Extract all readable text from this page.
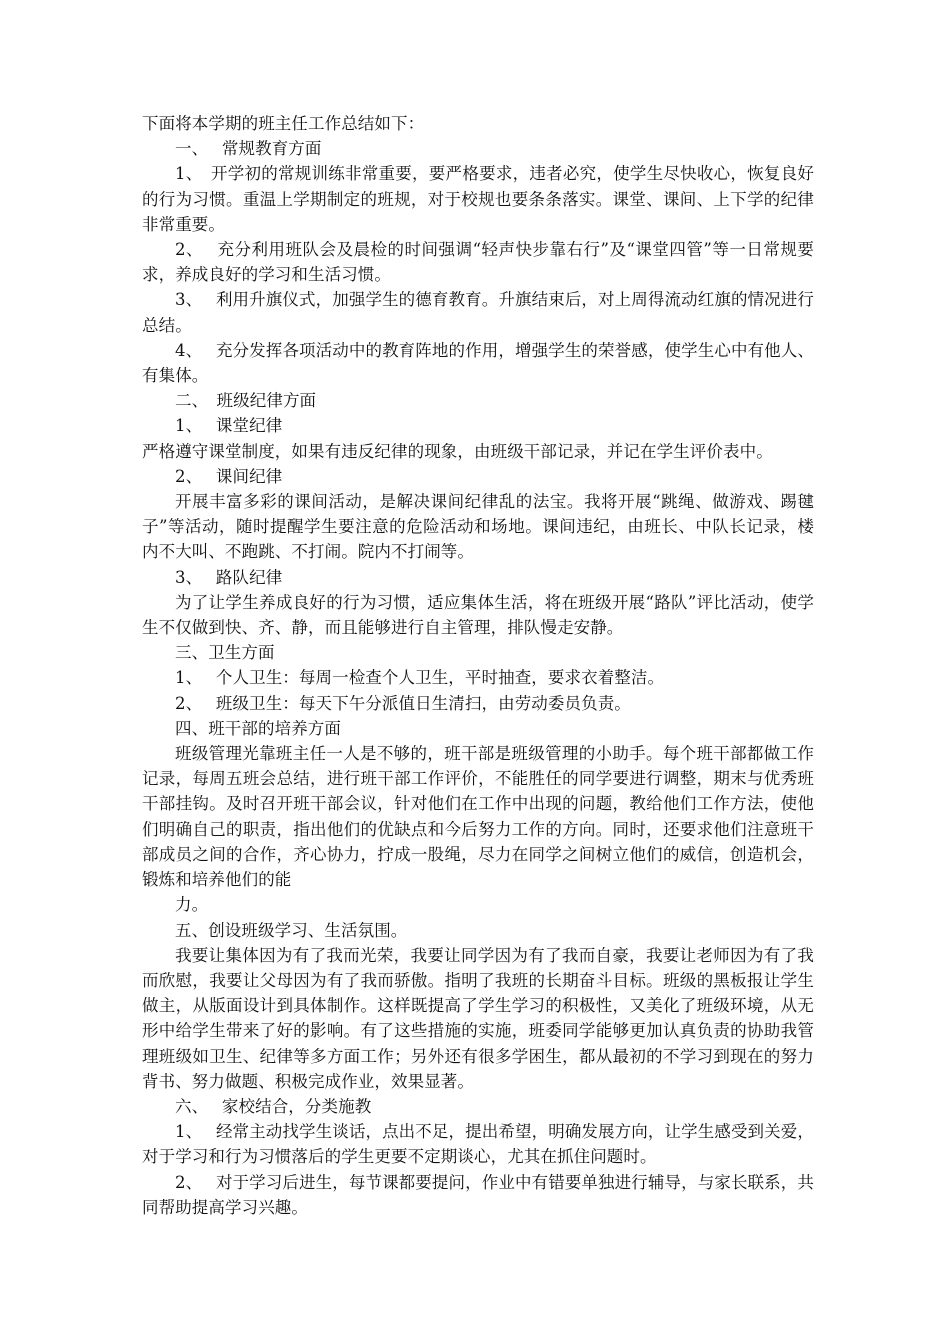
下面将本学期的班主任工作总结如下：

一、　 常规教育方面

1、　开学初的常规训练非常重要，要严格要求，违者必究，使学生尽快收心，恢复良好的行为习惯。重温上学期制定的班规，对于校规也要条条落实。课堂、课间、上下学的纪律非常重要。

2、　 充分利用班队会及晨检的时间强调“轻声快步靠右行”及“课堂四管”等一日常规要求，养成良好的学习和生活习惯。

3、　 利用升旗仪式，加强学生的德育教育。升旗结束后，对上周得流动红旗的情况进行总结。

4、　 充分发挥各项活动中的教育阵地的作用，增强学生的荣誉感，使学生心中有他人、有集体。

二、　班级纪律方面

1、　 课堂纪律

严格遵守课堂制度，如果有违反纪律的现象，由班级干部记录，并记在学生评价表中。

2、　 课间纪律

开展丰富多彩的课间活动，是解决课间纪律乱的法宝。我将开展“跳绳、做游戏、踢毽子”等活动，随时提醒学生要注意的危险活动和场地。课间违纪，由班长、中队长记录，楼内不大叫、不跑跳、不打闹。院内不打闹等。

3、　 路队纪律

为了让学生养成良好的行为习惯，适应集体生活，将在班级开展“路队”评比活动，使学生不仅做到快、齐、静，而且能够进行自主管理，排队慢走安静。

三、卫生方面

1、　 个人卫生：每周一检查个人卫生，平时抽查，要求衣着整洁。

2、　 班级卫生：每天下午分派值日生清扫，由劳动委员负责。

四、班干部的培养方面

班级管理光靠班主任一人是不够的，班干部是班级管理的小助手。每个班干部都做工作记录，每周五班会总结，进行班干部工作评价，不能胜任的同学要进行调整，期末与优秀班干部挂钩。及时召开班干部会议，针对他们在工作中出现的问题，教给他们工作方法，使他们明确自己的职责，指出他们的优缺点和今后努力工作的方向。同时，还要求他们注意班干部成员之间的合作，齐心协力，拧成一股绳，尽力在同学之间树立他们的威信，创造机会，锻炼和培养他们的能

力。

五、创设班级学习、生活氛围。

我要让集体因为有了我而光荣，我要让同学因为有了我而自豪，我要让老师因为有了我而欣慰，我要让父母因为有了我而骄傲。指明了我班的长期奋斗目标。班级的黑板报让学生做主，从版面设计到具体制作。这样既提高了学生学习的积极性，又美化了班级环境，从无形中给学生带来了好的影响。有了这些措施的实施，班委同学能够更加认真负责的协助我管理班级如卫生、纪律等多方面工作；另外还有很多学困生，都从最初的不学习到现在的努力背书、努力做题、积极完成作业，效果显著。

六、　 家校结合，分类施教

1、　 经常主动找学生谈话，点出不足，提出希望，明确发展方向，让学生感受到关爱，对于学习和行为习惯落后的学生更要不定期谈心，尤其在抓住问题时。

2、　 对于学习后进生，每节课都要提问，作业中有错要单独进行辅导，与家长联系，共同帮助提高学习兴趣。
